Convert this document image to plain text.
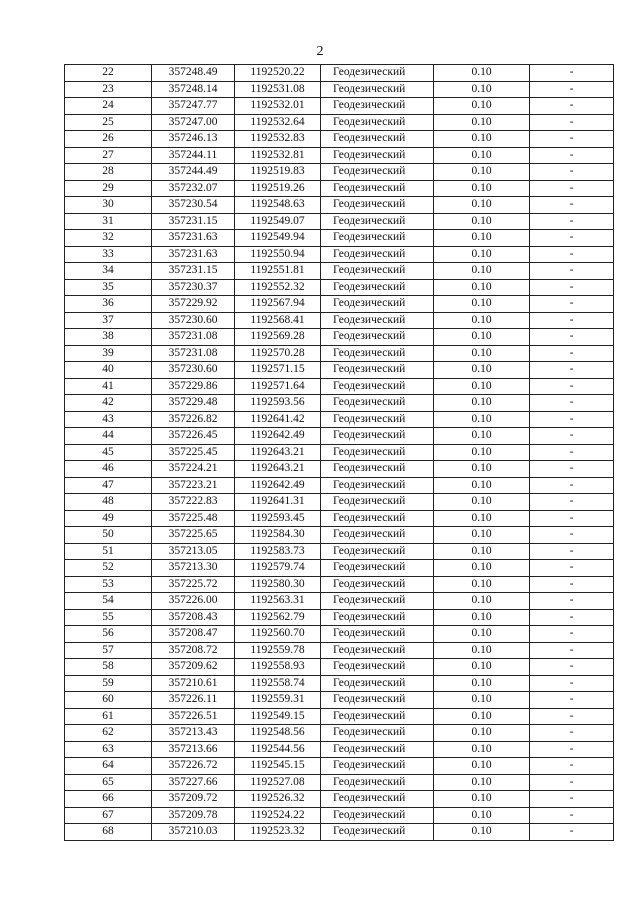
2
22	357248.49	1192520.22	Геодезический	0.10	-
23	357248.14	1192531.08	Геодезический	0.10	-
24	357247.77	1192532.01	Геодезический	0.10	-
25	357247.00	1192532.64	Геодезический	0.10	-
26	357246.13	1192532.83	Геодезический	0.10	-
27	357244.11	1192532.81	Геодезический	0.10	-
28	357244.49	1192519.83	Геодезический	0.10	-
29	357232.07	1192519.26	Геодезический	0.10	-
30	357230.54	1192548.63	Геодезический	0.10	-
31	357231.15	1192549.07	Геодезический	0.10	-
32	357231.63	1192549.94	Геодезический	0.10	-
33	357231.63	1192550.94	Геодезический	0.10	-
34	357231.15	1192551.81	Геодезический	0.10	-
35	357230.37	1192552.32	Геодезический	0.10	-
36	357229.92	1192567.94	Геодезический	0.10	-
37	357230.60	1192568.41	Геодезический	0.10	-
38	357231.08	1192569.28	Геодезический	0.10	-
39	357231.08	1192570.28	Геодезический	0.10	-
40	357230.60	1192571.15	Геодезический	0.10	-
41	357229.86	1192571.64	Геодезический	0.10	-
42	357229.48	1192593.56	Геодезический	0.10	-
43	357226.82	1192641.42	Геодезический	0.10	-
44	357226.45	1192642.49	Геодезический	0.10	-
45	357225.45	1192643.21	Геодезический	0.10	-
46	357224.21	1192643.21	Геодезический	0.10	-
47	357223.21	1192642.49	Геодезический	0.10	-
48	357222.83	1192641.31	Геодезический	0.10	-
49	357225.48	1192593.45	Геодезический	0.10	-
50	357225.65	1192584.30	Геодезический	0.10	-
51	357213.05	1192583.73	Геодезический	0.10	-
52	357213.30	1192579.74	Геодезический	0.10	-
53	357225.72	1192580.30	Геодезический	0.10	-
54	357226.00	1192563.31	Геодезический	0.10	-
55	357208.43	1192562.79	Геодезический	0.10	-
56	357208.47	1192560.70	Геодезический	0.10	-
57	357208.72	1192559.78	Геодезический	0.10	-
58	357209.62	1192558.93	Геодезический	0.10	-
59	357210.61	1192558.74	Геодезический	0.10	-
60	357226.11	1192559.31	Геодезический	0.10	-
61	357226.51	1192549.15	Геодезический	0.10	-
62	357213.43	1192548.56	Геодезический	0.10	-
63	357213.66	1192544.56	Геодезический	0.10	-
64	357226.72	1192545.15	Геодезический	0.10	-
65	357227.66	1192527.08	Геодезический	0.10	-
66	357209.72	1192526.32	Геодезический	0.10	-
67	357209.78	1192524.22	Геодезический	0.10	-
68	357210.03	1192523.32	Геодезический	0.10	-
